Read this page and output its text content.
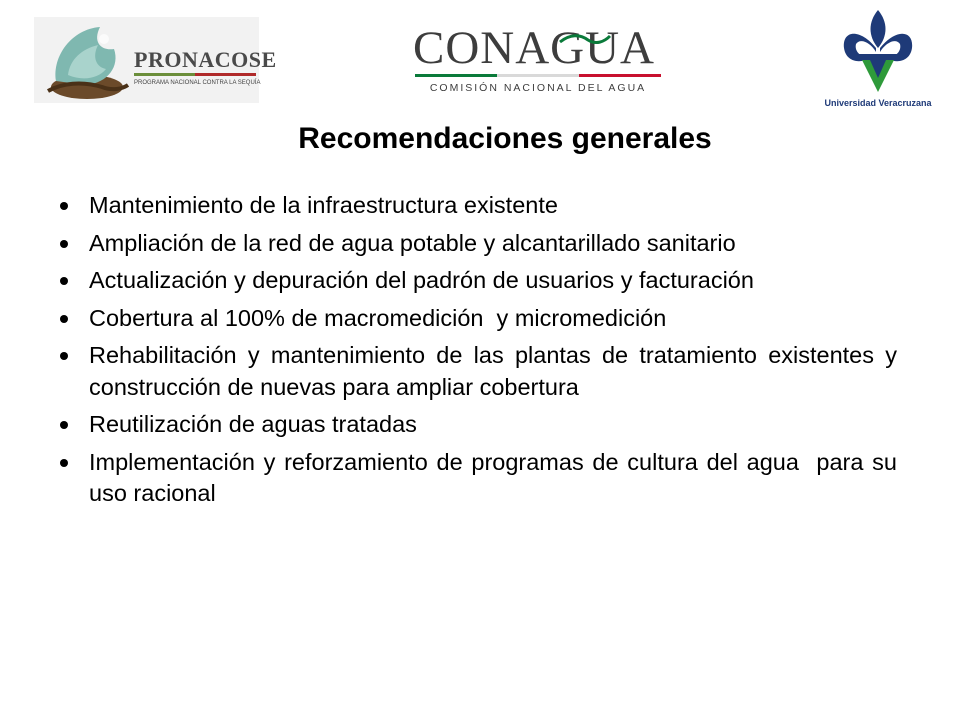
PRONACOSE
PROGRAMA NACIONAL CONTRA LA SEQUÍA
CONAGUA
COMISIÓN NACIONAL DEL AGUA
Universidad Veracruzana
Recomendaciones generales
Mantenimiento de la infraestructura existente
Ampliación de la red de agua potable y alcantarillado sanitario
Actualización y depuración del padrón de usuarios y facturación
Cobertura al 100% de macromedición  y micromedición
Rehabilitación y mantenimiento de las plantas de tratamiento existentes y construcción de nuevas para ampliar cobertura
Reutilización de aguas tratadas
Implementación y reforzamiento de programas de cultura del agua  para su uso racional
